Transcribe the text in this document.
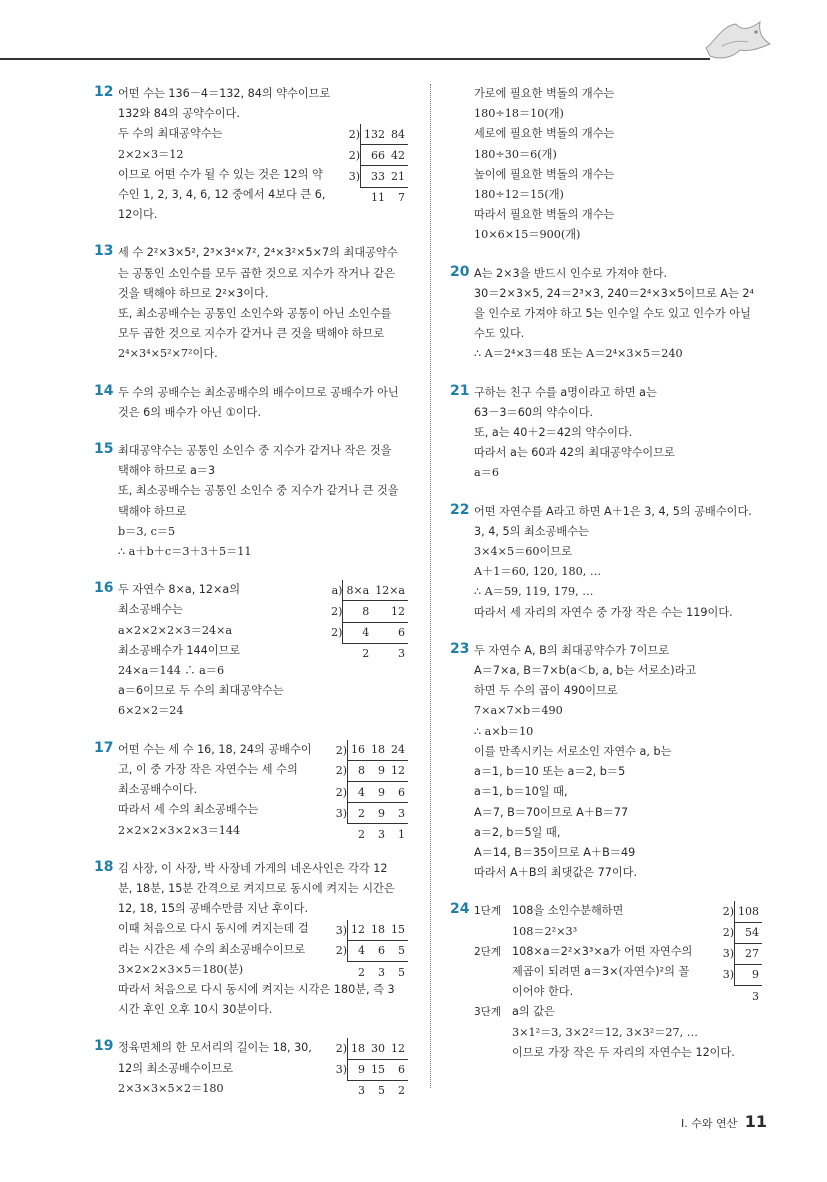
12 어떤 수는 136－4＝132, 84의 약수이므로
132와 84의 공약수이다.
두 수의 최대공약수는
2×2×3＝12
이므로 어떤 수가 될 수 있는 것은 12의 약
수인 1, 2, 3, 4, 6, 12 중에서 4보다 큰 6,
12이다.
2)	132	84
2)	66	42
3)	33	21
	11	7
13 세 수 2²×3×5², 2³×3⁴×7², 2⁴×3²×5×7의 최대공약수
는 공통인 소인수를 모두 곱한 것으로 지수가 작거나 같은
것을 택해야 하므로 2²×3이다.
또, 최소공배수는 공통인 소인수와 공통이 아닌 소인수를
모두 곱한 것으로 지수가 같거나 큰 것을 택해야 하므로
2⁴×3⁴×5²×7²이다.
14 두 수의 공배수는 최소공배수의 배수이므로 공배수가 아닌
것은 6의 배수가 아닌 ①이다.
15 최대공약수는 공통인 소인수 중 지수가 같거나 작은 것을
택해야 하므로 a＝3
또, 최소공배수는 공통인 소인수 중 지수가 같거나 큰 것을
택해야 하므로
b＝3, c＝5
∴ a＋b＋c＝3＋3＋5＝11
16 두 자연수 8×a, 12×a의
최소공배수는
a×2×2×2×3＝24×a
최소공배수가 144이므로
24×a＝144 ∴ a＝6
a＝6이므로 두 수의 최대공약수는
6×2×2＝24
a)	8×a	12×a
2)	8	12
2)	4	6
	2	3
17 어떤 수는 세 수 16, 18, 24의 공배수이
고, 이 중 가장 작은 자연수는 세 수의
최소공배수이다.
따라서 세 수의 최소공배수는
2×2×2×3×2×3＝144
2)	16	18	24
2)	8	9	12
2)	4	9	6
3)	2	9	3
	2	3	1
18 김 사장, 이 사장, 박 사장네 가게의 네온사인은 각각 12
분, 18분, 15분 간격으로 켜지므로 동시에 켜지는 시간은
12, 18, 15의 공배수만큼 지난 후이다.
이때 처음으로 다시 동시에 켜지는데 걸
리는 시간은 세 수의 최소공배수이므로
3×2×2×3×5＝180(분)
따라서 처음으로 다시 동시에 켜지는 시각은 180분, 즉 3
시간 후인 오후 10시 30분이다.
3)	12	18	15
2)	4	6	5
	2	3	5
19 정육면체의 한 모서리의 길이는 18, 30,
12의 최소공배수이므로
2×3×3×5×2＝180
2)	18	30	12
3)	9	15	6
	3	5	2
가로에 필요한 벽돌의 개수는
180÷18＝10(개)
세로에 필요한 벽돌의 개수는
180÷30＝6(개)
높이에 필요한 벽돌의 개수는
180÷12＝15(개)
따라서 필요한 벽돌의 개수는
10×6×15＝900(개)
20 A는 2×3을 반드시 인수로 가져야 한다.
30＝2×3×5, 24＝2³×3, 240＝2⁴×3×5이므로 A는 2⁴
을 인수로 가져야 하고 5는 인수일 수도 있고 인수가 아닐
수도 있다.
∴ A＝2⁴×3＝48 또는 A＝2⁴×3×5＝240
21 구하는 친구 수를 a명이라고 하면 a는
63－3＝60의 약수이다.
또, a는 40＋2＝42의 약수이다.
따라서 a는 60과 42의 최대공약수이므로
a＝6
22 어떤 자연수를 A라고 하면 A＋1은 3, 4, 5의 공배수이다.
3, 4, 5의 최소공배수는
3×4×5＝60이므로
A＋1＝60, 120, 180, …
∴ A＝59, 119, 179, …
따라서 세 자리의 자연수 중 가장 작은 수는 119이다.
23 두 자연수 A, B의 최대공약수가 7이므로
A＝7×a, B＝7×b(a＜b, a, b는 서로소)라고
하면 두 수의 곱이 490이므로
7×a×7×b＝490
∴ a×b＝10
이를 만족시키는 서로소인 자연수 a, b는
a＝1, b＝10 또는 a＝2, b＝5
a＝1, b＝10일 때,
A＝7, B＝70이므로 A＋B＝77
a＝2, b＝5일 때,
A＝14, B＝35이므로 A＋B＝49
따라서 A＋B의 최댓값은 77이다.
24 1단계 108을 소인수분해하면
108＝2²×3³
2단계 108×a＝2²×3³×a가 어떤 자연수의
제곱이 되려면 a＝3×(자연수)²의 꼴
이어야 한다.
3단계 a의 값은
3×1²＝3, 3×2²＝12, 3×3²＝27, …
이므로 가장 작은 두 자리의 자연수는 12이다.
2)	108
2)	54
3)	27
3)	9
	3
Ⅰ. 수와 연산 11
